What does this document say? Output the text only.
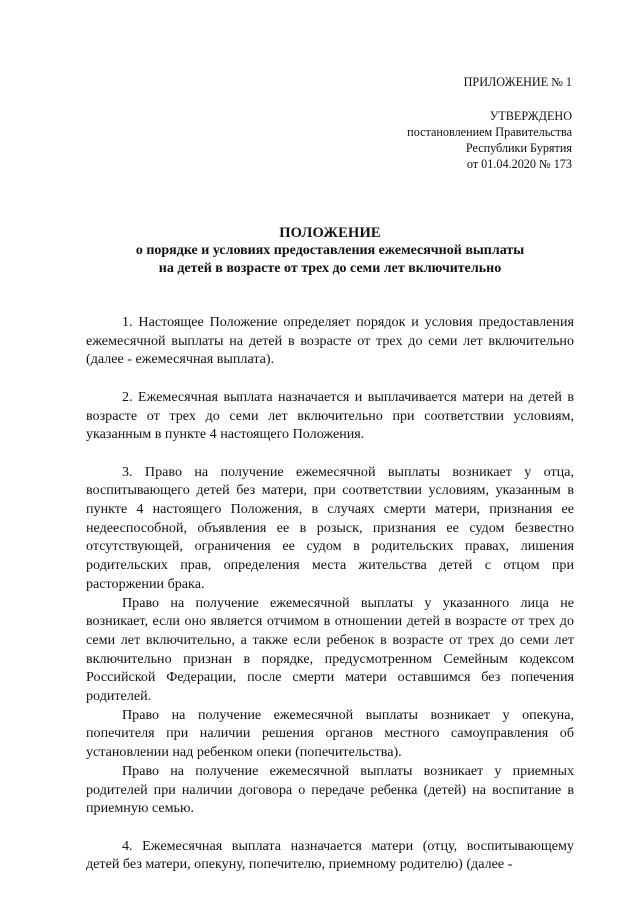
ПРИЛОЖЕНИЕ № 1
УТВЕРЖДЕНО
постановлением Правительства
Республики Бурятия
от 01.04.2020 № 173
ПОЛОЖЕНИЕ
о порядке и условиях предоставления ежемесячной выплаты
на детей в возрасте от трех до семи лет включительно

1. Настоящее Положение определяет порядок и условия предоставления ежемесячной выплаты на детей в возрасте от трех до семи лет включительно (далее - ежемесячная выплата).

2. Ежемесячная выплата назначается и выплачивается матери на детей в возрасте от трех до семи лет включительно при соответствии условиям, указанным в пункте 4 настоящего Положения.

3. Право на получение ежемесячной выплаты возникает у отца, воспитывающего детей без матери, при соответствии условиям, указанным в пункте 4 настоящего Положения, в случаях смерти матери, признания ее недееспособной, объявления ее в розыск, признания ее судом безвестно отсутствующей, ограничения ее судом в родительских правах, лишения родительских прав, определения места жительства детей с отцом при расторжении брака.

Право на получение ежемесячной выплаты у указанного лица не возникает, если оно является отчимом в отношении детей в возрасте от трех до семи лет включительно, а также если ребенок в возрасте от трех до семи лет включительно признан в порядке, предусмотренном Семейным кодексом Российской Федерации, после смерти матери оставшимся без попечения родителей.

Право на получение ежемесячной выплаты возникает у опекуна, попечителя при наличии решения органов местного самоуправления об установлении над ребенком опеки (попечительства).

Право на получение ежемесячной выплаты возникает у приемных родителей при наличии договора о передаче ребенка (детей) на воспитание в приемную семью.

4. Ежемесячная выплата назначается матери (отцу, воспитывающему детей без матери, опекуну, попечителю, приемному родителю) (далее -
